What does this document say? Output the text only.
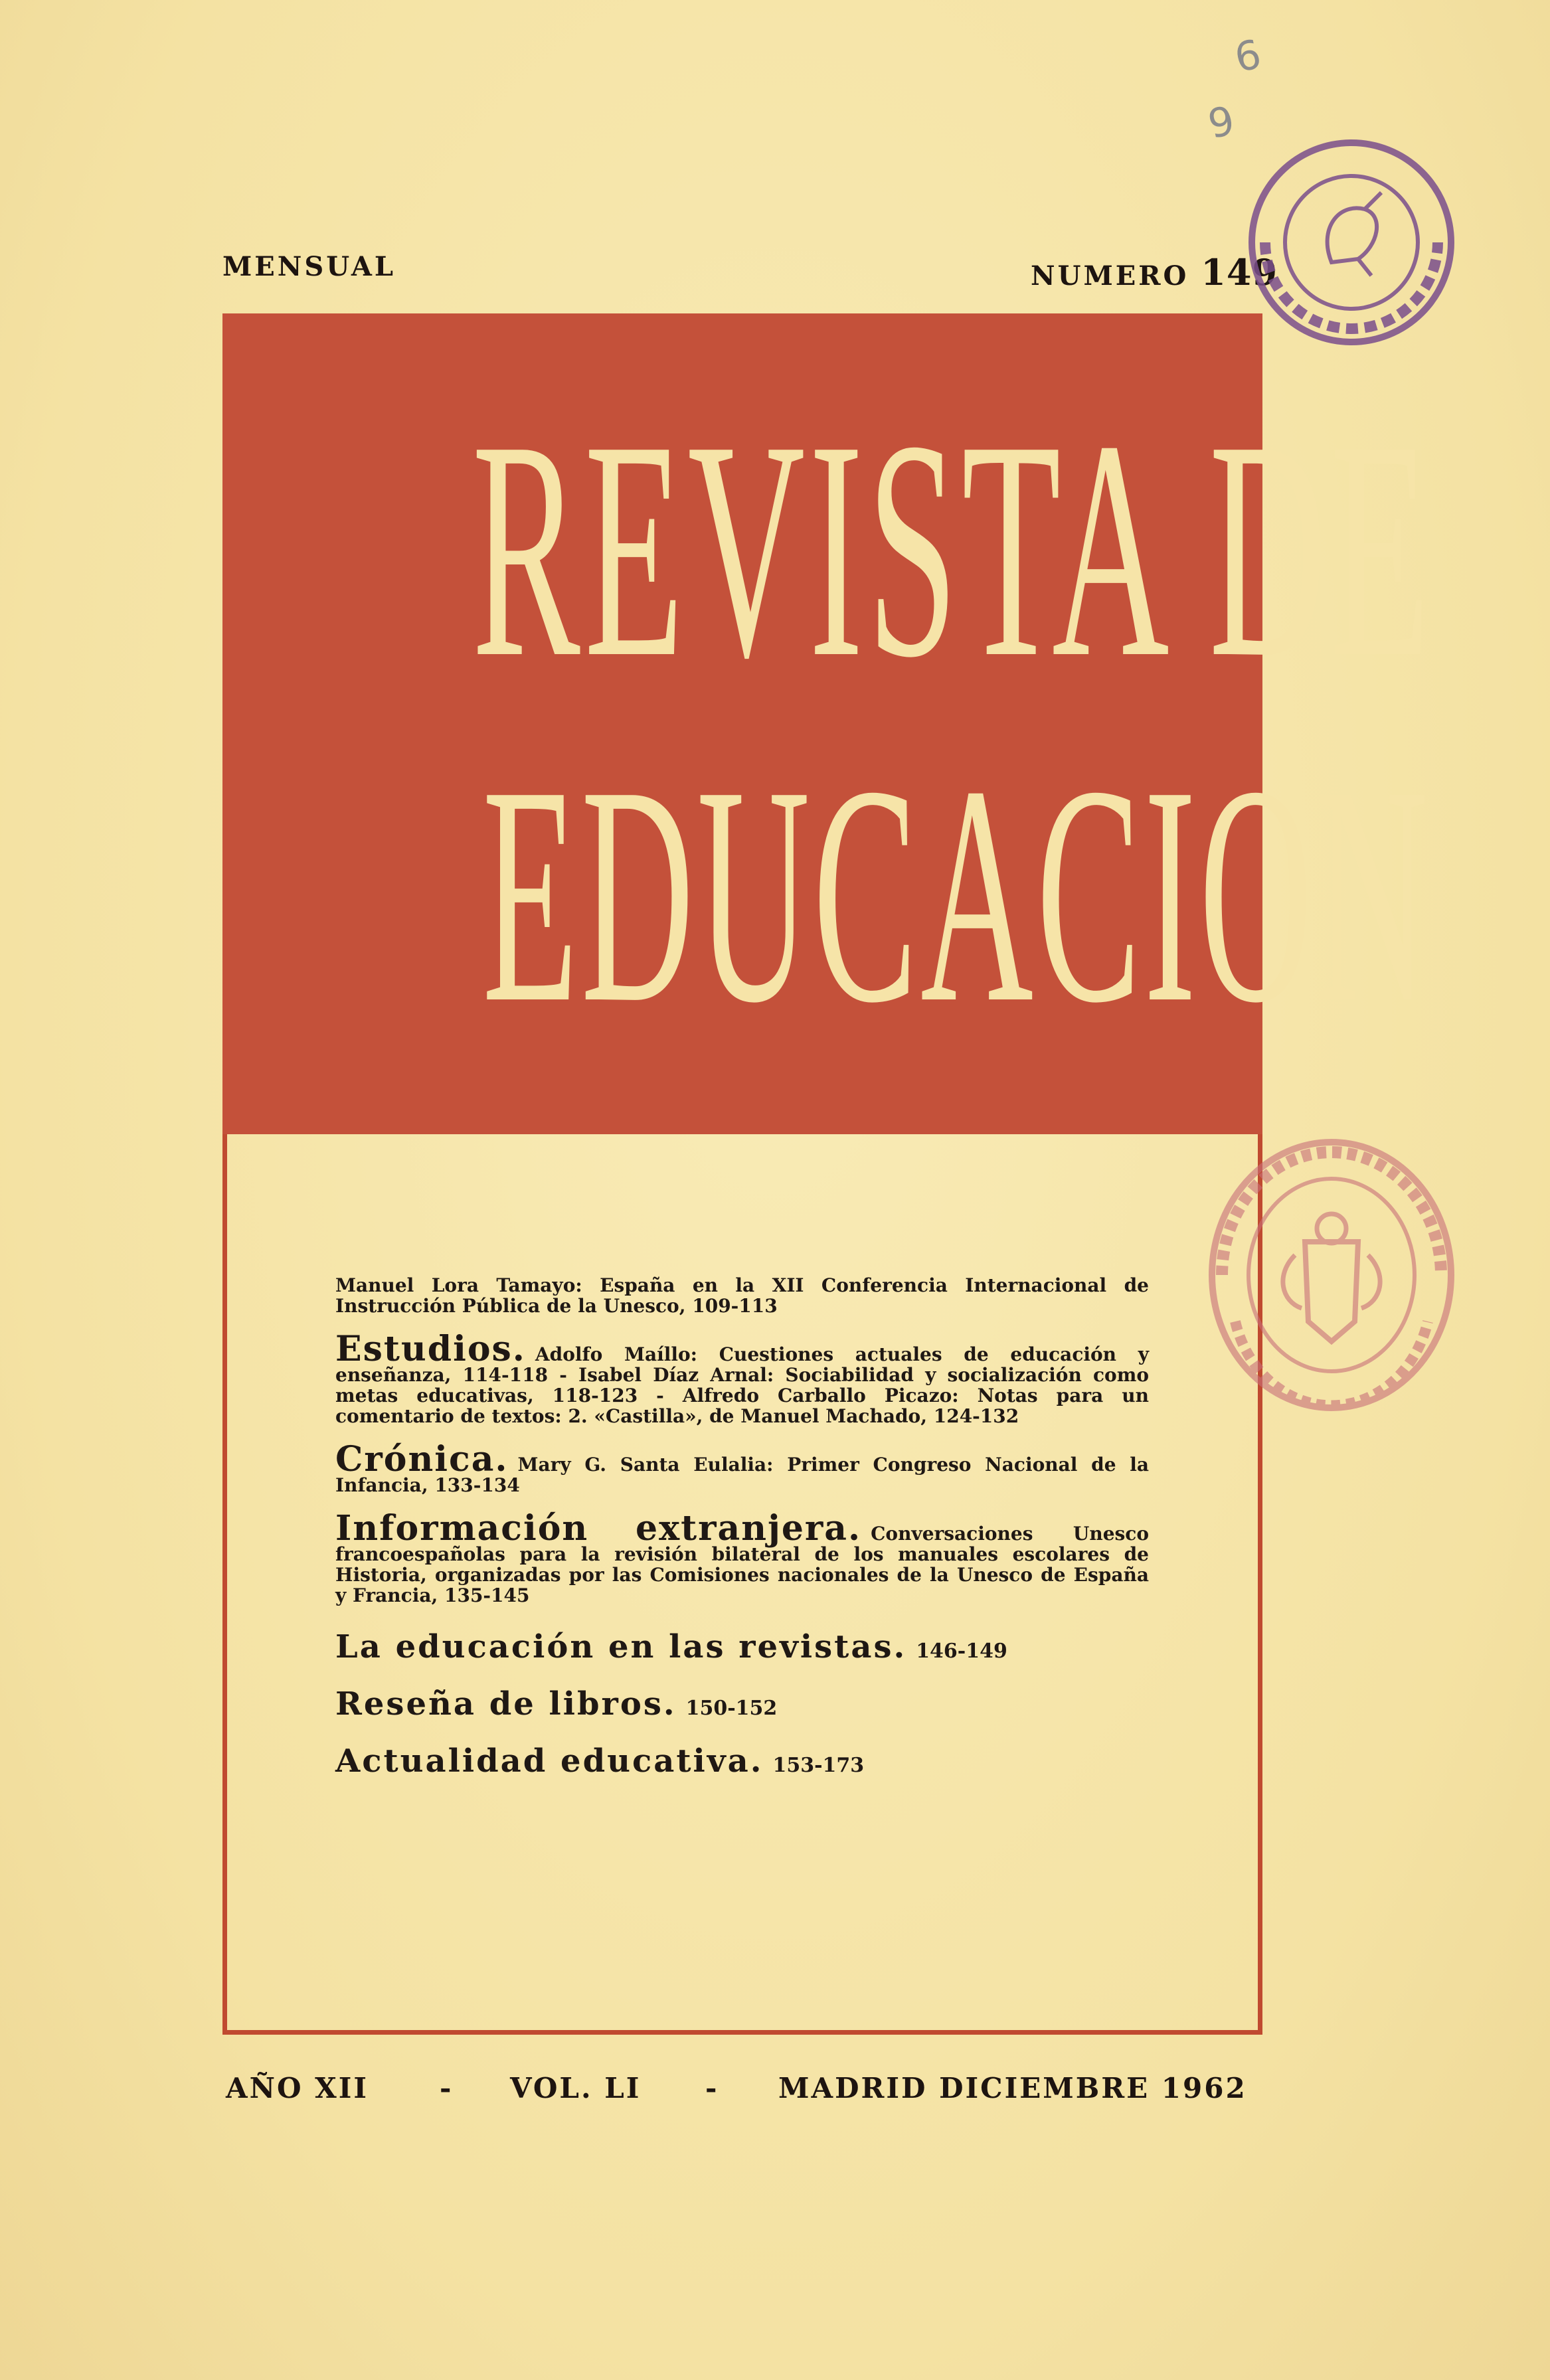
6
9
MENSUAL	NUMERO 149
REVISTA DE
EDUCACION

Manuel Lora Tamayo: España en la XII Conferencia Internacional de Instrucción Pública de la Unesco, 109-113

Estudios. Adolfo Maíllo: Cuestiones actuales de educación y enseñanza, 114-118 - Isabel Díaz Arnal: Sociabilidad y socialización como metas educativas, 118-123 - Alfredo Carballo Picazo: Notas para un comentario de textos: 2. «Castilla», de Manuel Machado, 124-132

Crónica. Mary G. Santa Eulalia: Primer Congreso Nacional de la Infancia, 133-134

Información extranjera. Conversaciones Unesco francoespañolas para la revisión bilateral de los manuales escolares de Historia, organizadas por las Comisiones nacionales de la Unesco de España y Francia, 135-145

La educación en las revistas. 146-149
Reseña de libros. 150-152
Actualidad educativa. 153-173
AÑO XII	- VOL. LI - MADRID DICIEMBRE 1962
